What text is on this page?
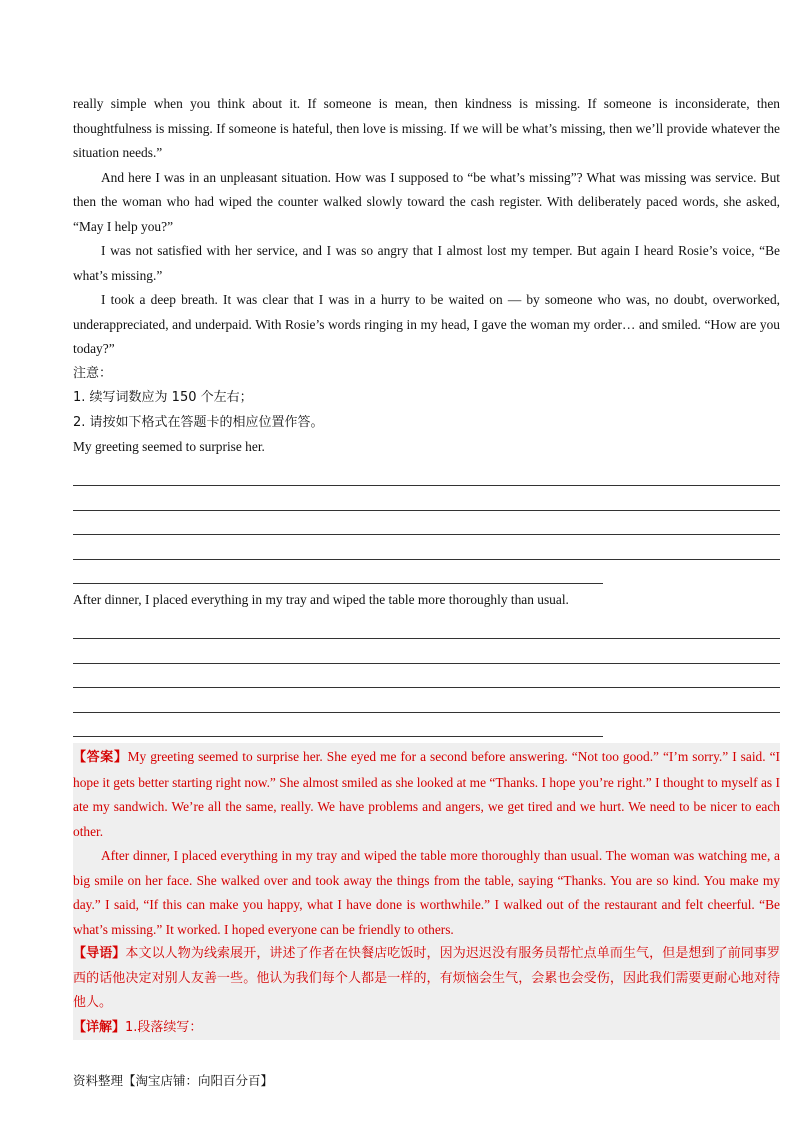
really simple when you think about it. If someone is mean, then kindness is missing. If someone is inconsiderate, then thoughtfulness is missing. If someone is hateful, then love is missing. If we will be what’s missing, then we’ll provide whatever the situation needs.”

And here I was in an unpleasant situation. How was I supposed to “be what’s missing”? What was missing was service. But then the woman who had wiped the counter walked slowly toward the cash register. With deliberately paced words, she asked, “May I help you?”

I was not satisfied with her service, and I was so angry that I almost lost my temper. But again I heard Rosie’s voice, “Be what’s missing.”

I took a deep breath. It was clear that I was in a hurry to be waited on — by someone who was, no doubt, overworked, underappreciated, and underpaid. With Rosie’s words ringing in my head, I gave the woman my order… and smiled. “How are you today?”

注意：
1. 续写词数应为 150 个左右；
2. 请按如下格式在答题卡的相应位置作答。

My greeting seemed to surprise her.

After dinner, I placed everything in my tray and wiped the table more thoroughly than usual.

【答案】My greeting seemed to surprise her. She eyed me for a second before answering. “Not too good.” “I’m sorry.” I said. “I hope it gets better starting right now.” She almost smiled as she looked at me “Thanks. I hope you’re right.” I thought to myself as I ate my sandwich. We’re all the same, really. We have problems and angers, we get tired and we hurt. We need to be nicer to each other.

After dinner, I placed everything in my tray and wiped the table more thoroughly than usual. The woman was watching me, a big smile on her face. She walked over and took away the things from the table, saying “Thanks. You are so kind. You make my day.” I said, “If this can make you happy, what I have done is worthwhile.” I walked out of the restaurant and felt cheerful. “Be what’s missing.” It worked. I hoped everyone can be friendly to others.

【导语】本文以人物为线索展开，讲述了作者在快餐店吃饭时，因为迟迟没有服务员帮忙点单而生气，但是想到了前同事罗西的话他决定对别人友善一些。他认为我们每个人都是一样的，有烦恼会生气，会累也会受伤，因此我们需要更耐心地对待他人。

【详解】1.段落续写：

资料整理【淘宝店铺：向阳百分百】
